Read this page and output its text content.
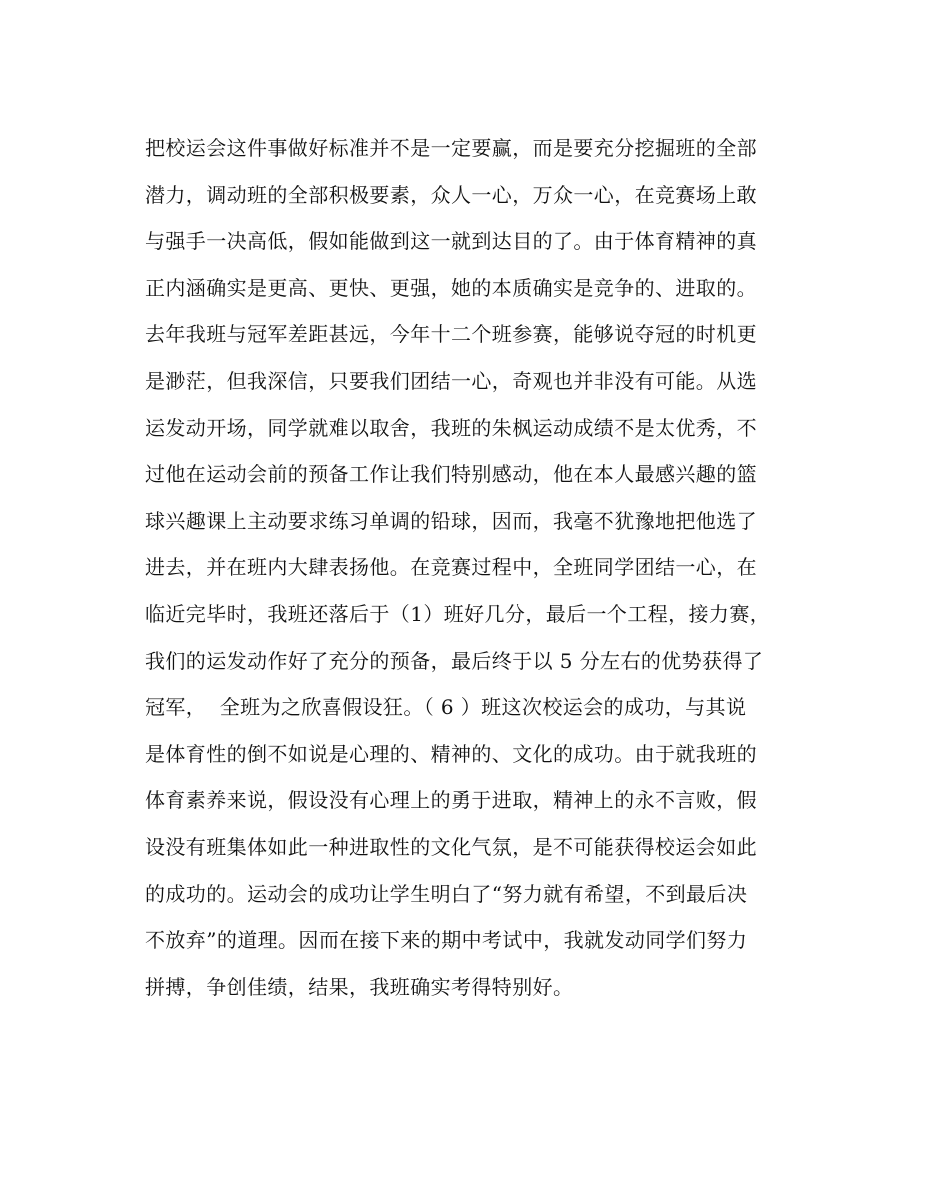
把校运会这件事做好标准并不是一定要赢，而是要充分挖掘班的全部
潜力，调动班的全部积极要素，众人一心，万众一心，在竞赛场上敢
与强手一决高低，假如能做到这一就到达目的了。由于体育精神的真
正内涵确实是更高、更快、更强，她的本质确实是竞争的、进取的。
去年我班与冠军差距甚远，今年十二个班参赛，能够说夺冠的时机更
是渺茫，但我深信，只要我们团结一心，奇观也并非没有可能。从选
运发动开场，同学就难以取舍，我班的朱枫运动成绩不是太优秀，不
过他在运动会前的预备工作让我们特别感动，他在本人最感兴趣的篮
球兴趣课上主动要求练习单调的铅球，因而，我毫不犹豫地把他选了
进去，并在班内大肆表扬他。在竞赛过程中，全班同学团结一心，在
临近完毕时，我班还落后于（1）班好几分，最后一个工程，接力赛，
我们的运发动作好了充分的预备，最后终于以 5 分左右的优势获得了
冠军，  全班为之欣喜假设狂。（ 6 ）班这次校运会的成功，与其说
是体育性的倒不如说是心理的、精神的、文化的成功。由于就我班的
体育素养来说，假设没有心理上的勇于进取，精神上的永不言败，假
设没有班集体如此一种进取性的文化气氛，是不可能获得校运会如此
的成功的。运动会的成功让学生明白了“努力就有希望，不到最后决
不放弃”的道理。因而在接下来的期中考试中，我就发动同学们努力
拼搏，争创佳绩，结果，我班确实考得特别好。
